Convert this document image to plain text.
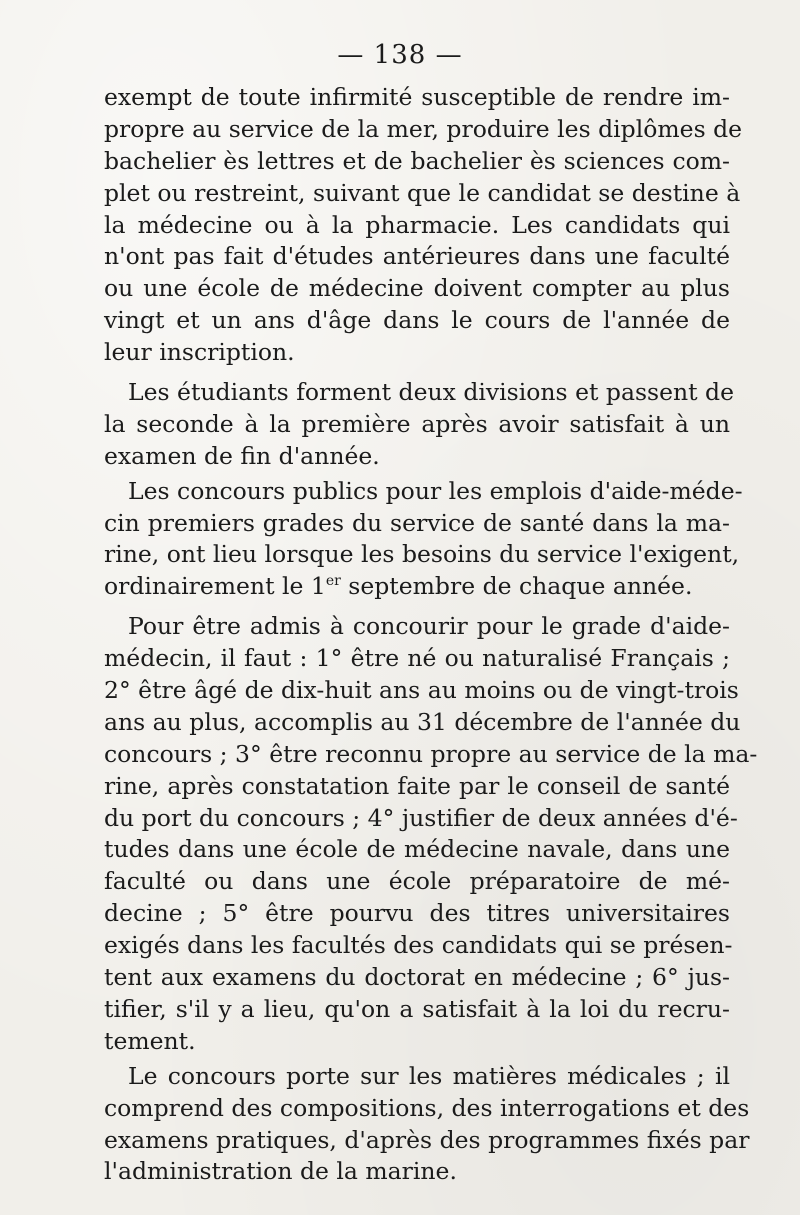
— 138 —
exempt de toute infirmité susceptible de rendre im-
propre au service de la mer, produire les diplômes de
bachelier ès lettres et de bachelier ès sciences com-
plet ou restreint, suivant que le candidat se destine à
la médecine ou à la pharmacie. Les candidats qui
n'ont pas fait d'études antérieures dans une faculté
ou une école de médecine doivent compter au plus
vingt et un ans d'âge dans le cours de l'année de
leur inscription.
Les étudiants forment deux divisions et passent de
la seconde à la première après avoir satisfait à un
examen de fin d'année.
Les concours publics pour les emplois d'aide-méde-
cin premiers grades du service de santé dans la ma-
rine, ont lieu lorsque les besoins du service l'exigent,
ordinairement le 1er septembre de chaque année.
Pour être admis à concourir pour le grade d'aide-
médecin, il faut : 1° être né ou naturalisé Français ;
2° être âgé de dix-huit ans au moins ou de vingt-trois
ans au plus, accomplis au 31 décembre de l'année du
concours ; 3° être reconnu propre au service de la ma-
rine, après constatation faite par le conseil de santé
du port du concours ; 4° justifier de deux années d'é-
tudes dans une école de médecine navale, dans une
faculté ou dans une école préparatoire de mé-
decine ; 5° être pourvu des titres universitaires
exigés dans les facultés des candidats qui se présen-
tent aux examens du doctorat en médecine ; 6° jus-
tifier, s'il y a lieu, qu'on a satisfait à la loi du recru-
tement.
Le concours porte sur les matières médicales ; il
comprend des compositions, des interrogations et des
examens pratiques, d'après des programmes fixés par
l'administration de la marine.
